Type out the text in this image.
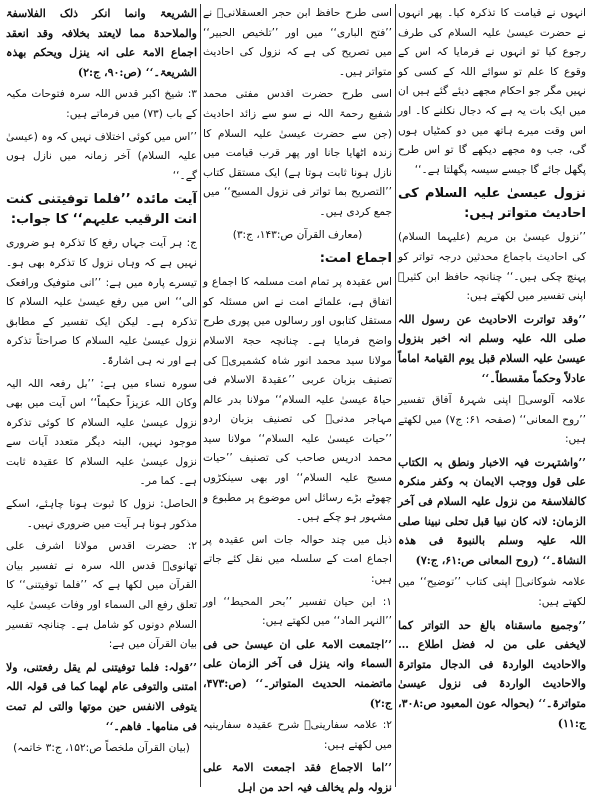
انہوں نے قیامت کا تذکرہ کیا۔ پھر انہوں نے حضرت عیسیٰ علیہ السلام کی طرف رجوع کیا تو انہوں نے فرمایا کہ اس کے وقوع کا علم تو سوائے اللہ کے کسی کو نہیں مگر جو احکام مجھے دیئے گئے ہیں ان میں ایک بات یہ ہے کہ دجال نکلنے کا۔ اور اس وقت میرے ہاتھ میں دو کمٹیاں ہوں گی، جب وہ مجھے دیکھے گا تو اس طرح پگھل جائے گا جیسے سیسہ پگھلتا ہے۔‘‘

نزول عیسیٰ علیہ السلام کی احادیث متواتر ہیں:

’’نزول عیسیٰ بن مریم (علیہما السلام) کی احادیث باجماع محدثین درجہ تواتر کو پہنچ چکی ہیں۔‘‘ چنانچہ حافظ ابن کثیرؒ اپنی تفسیر میں لکھتے ہیں:

’’وقد تواترت الاحادیث عن رسول اللہ صلی اللہ علیہ وسلم انہ اخبر بنزول عیسیٰ علیہ السلام قبل یوم القیامۃ اماماً عادلاً وحکماً مقسطاً۔‘‘

علامہ آلوسیؒ اپنی شہرۂ آفاق تفسیر ’’روح المعانی‘‘ (صفحہ ۶۱: ج۷) میں لکھتے ہیں:

’’واشتہرت فیہ الاخبار ونطق بہ الکتاب علی قول ووجب الایمان بہ وکفر منکرہ کالفلاسفۃ من نزول علیہ السلام فی آخر الزمان: لانہ کان نبیا قبل تحلی نبینا صلی اللہ علیہ وسلم بالنبوۃ فی ھذہ النشاۃ۔‘‘ (روح المعانی ص:۶۱، ج:۷)

علامہ شوکانیؒ اپنی کتاب ’’توضیح‘‘ میں لکھتے ہیں:

’’وجمیع ماسقناہ بالغ حد التواتر کما لایخفی علی من لہ فضل اطلاع … والاحادیث الواردۃ فی الدجال متواترۃ والاحادیث الواردۃ فی نزول عیسیٰ متواترۃ۔‘‘ (بحوالہ عون المعبود ص:۳۰۸، ج:۱۱)

اسی طرح حافظ ابن حجر العسقلانیؒ نے ’’فتح الباری‘‘ میں اور ’’تلخیص الحبیر‘‘ میں تصریح کی ہے کہ نزول کی احادیث متواتر ہیں۔

اسی طرح حضرت اقدس مفتی محمد شفیع رحمۃ اللہ نے سو سے زائد احادیث (جن سے حضرت عیسیٰ علیہ السلام کا زندہ اٹھایا جانا اور پھر قرب قیامت میں نازل ہونا ثابت ہوتا ہے) ایک مستقل کتاب ’’التصریح بما تواتر فی نزول المسیح‘‘ میں جمع کردی ہیں۔

(معارف القرآن ص:۱۴۳، ج:۳)

اجماع امت:

اس عقیدہ پر تمام امت مسلمہ کا اجماع و اتفاق ہے، علمائے امت نے اس مسئلہ کو مستقل کتابوں اور رسالوں میں پوری طرح واضح فرمایا ہے۔ چنانچہ حجۃ الاسلام مولانا سید محمد انور شاہ کشمیریؒ کی تصنیف بزبان عربی ’’عقیدۃ الاسلام فی حیاۃ عیسیٰ علیہ السلام‘‘ مولانا بدر عالم مہاجر مدنیؒ کی تصنیف بزبان اردو ’’حیات عیسیٰ علیہ السلام‘‘ مولانا سید محمد ادریس صاحب کی تصنیف ’’حیات مسیح علیہ السلام‘‘ اور بھی سینکڑوں چھوٹے بڑے رسائل اس موضوع پر مطبوع و مشہور ہو چکے ہیں۔

ذیل میں چند حوالہ جات اس عقیدہ پر اجماع امت کے سلسلہ میں نقل کئے جاتے ہیں:

۱: ابن حیان تفسیر ’’بحر المحیط‘‘ اور ’’النہر الماد‘‘ میں لکھتے ہیں:

’’اجتمعت الامۃ علی ان عیسیٰ حی فی السماء وانہ ینزل فی آخر الزمان علی ماتضمنہ الحدیث المتواتر۔‘‘ (ص:۴۷۳، ج:۲)

۲: علامہ سفارینیؒ شرح عقیدہ سفارینیہ میں لکھتے ہیں:

’’اما الاجماع فقد اجمعت الامۃ علی نزولہ ولم یخالف فیہ احد من اہل

الشریعۃ وانما انکر ذلک الفلاسفۃ والملاحدۃ مما لایعتد بخلافہ وقد انعقد اجماع الامۃ علی انہ ینزل ویحکم بھذہ الشریعۃ۔‘‘ (ص:۹۰، ج:۲)

۳: شیخ اکبر قدس اللہ سرہ فتوحات مکیہ کے باب (۷۳) میں فرماتے ہیں:

’’اس میں کوئی اختلاف نہیں کہ وہ (عیسیٰ علیہ السلام) آخر زمانہ میں نازل ہوں گے۔‘‘

آیت مائدہ ’’فلما توفیتنی کنت انت الرقیب علیہم‘‘ کا جواب:

ج: ہر آیت جہاں رفع کا تذکرہ ہو ضروری نہیں ہے کہ وہاں نزول کا تذکرہ بھی ہو۔ تیسرے پارہ میں ہے: ’’انی متوفیک ورافعک الی‘‘ اس میں رفع عیسیٰ علیہ السلام کا تذکرہ ہے۔ لیکن ایک تفسیر کے مطابق نزول عیسیٰ علیہ السلام کا صراحتاً تذکرہ ہے اور نہ ہی اشارۃً۔

سورہ نساء میں ہے: ’’بل رفعہ اللہ الیہ وکان اللہ عزیزاً حکیماً‘‘ اس آیت میں بھی نزول عیسیٰ علیہ السلام کا کوئی تذکرہ موجود نہیں، البتہ دیگر متعدد آیات سے نزول عیسیٰ علیہ السلام کا عقیدہ ثابت ہے۔ کما مر۔

الحاصل: نزول کا ثبوت ہونا چاہئے، اسکے مذکور ہونا ہر آیت میں ضروری نہیں۔

۲: حضرت اقدس مولانا اشرف علی تھانویؒ قدس اللہ سرہ نے تفسیر بیان القرآن میں لکھا ہے کہ ’’فلما توفیتنی‘‘ کا تعلق رفع الی السماء اور وفات عیسیٰ علیہ السلام دونوں کو شامل ہے۔ چنانچہ تفسیر بیان القرآن میں ہے:

’’قولہ: فلما توفیتنی لم یقل رفعتنی، ولا امتنی والتوفی عام لھما کما فی قولہ اللہ یتوفی الانفس حین موتھا والتی لم تمت فی منامھا۔ فاھم۔‘‘

(بیان القرآن ملخصاً ص:۱۵۲، ج:۳ خاتمہ)
